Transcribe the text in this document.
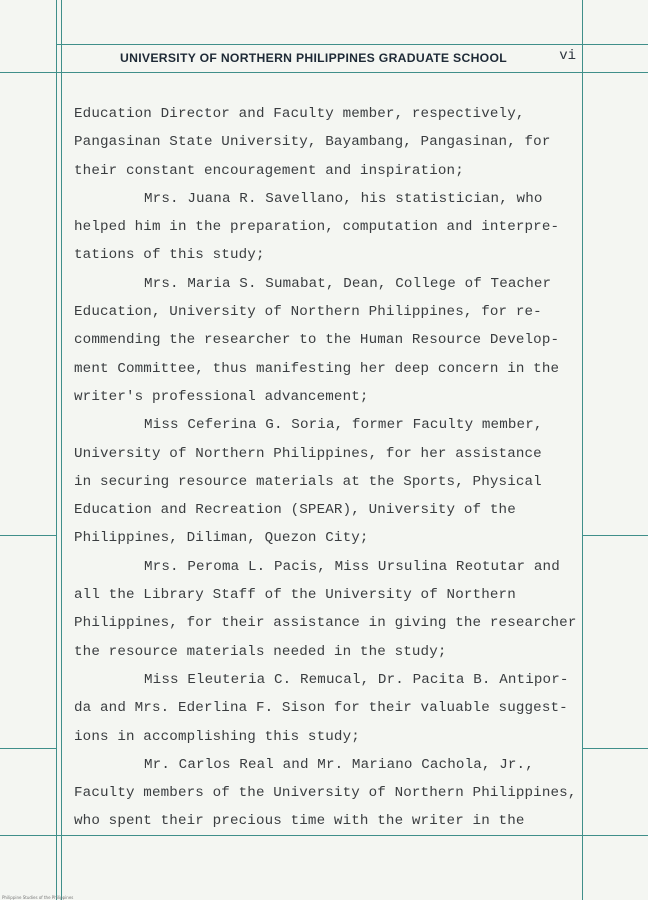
UNIVERSITY OF NORTHERN PHILIPPINES GRADUATE SCHOOL	vi
Education Director and Faculty member, respectively,
Pangasinan State University, Bayambang, Pangasinan, for
their constant encouragement and inspiration;
Mrs. Juana R. Savellano, his statistician, who
helped him in the preparation, computation and interpre-
tations of this study;
Mrs. Maria S. Sumabat, Dean, College of Teacher
Education, University of Northern Philippines, for re-
commending the researcher to the Human Resource Develop-
ment Committee, thus manifesting her deep concern in the
writer's professional advancement;
Miss Ceferina G. Soria, former Faculty member,
University of Northern Philippines, for her assistance
in securing resource materials at the Sports, Physical
Education and Recreation (SPEAR), University of the
Philippines, Diliman, Quezon City;
Mrs. Peroma L. Pacis, Miss Ursulina Reotutar and
all the Library Staff of the University of Northern
Philippines, for their assistance in giving the researcher
the resource materials needed in the study;
Miss Eleuteria C. Remucal, Dr. Pacita B. Antipor-
da and Mrs. Ederlina F. Sison for their valuable suggest-
ions in accomplishing this study;
Mr. Carlos Real and Mr. Mariano Cachola, Jr.,
Faculty members of the University of Northern Philippines,
who spent their precious time with the writer in the
Philippine Studies of the Philippines
